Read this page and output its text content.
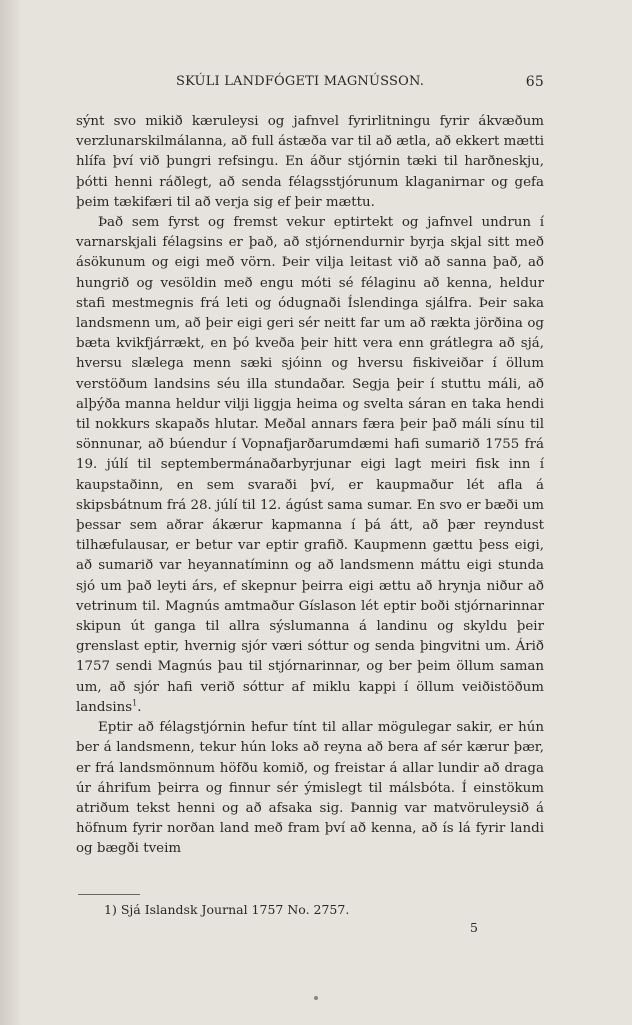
SKÚLI LANDFÓGETI MAGNÚSSON.	65

sýnt svo mikið kæruleysi og jafnvel fyrirlitningu fyrir ákvæðum verzlunarskilmálanna, að full ástæða var til að ætla, að ekkert mætti hlífa því við þungri refsingu. En áður stjórnin tæki til harðneskju, þótti henni ráðlegt, að senda félagsstjórunum klaganirnar og gefa þeim tækifæri til að verja sig ef þeir mættu.

Það sem fyrst og fremst vekur eptirtekt og jafnvel undrun í varnarskjali félagsins er það, að stjórnendurnir byrja skjal sitt með ásökunum og eigi með vörn. Þeir vilja leitast við að sanna það, að hungrið og vesöldin með engu móti sé félaginu að kenna, heldur stafi mestmegnis frá leti og ódugnaði Íslendinga sjálfra. Þeir saka landsmenn um, að þeir eigi geri sér neitt far um að rækta jörðina og bæta kvikfjárrækt, en þó kveða þeir hitt vera enn grátlegra að sjá, hversu slælega menn sæki sjóinn og hversu fiskiveiðar í öllum verstöðum landsins séu illa stundaðar. Segja þeir í stuttu máli, að alþýða manna heldur vilji liggja heima og svelta sáran en taka hendi til nokkurs skapaðs hlutar. Meðal annars færa þeir það máli sínu til sönnunar, að búendur í Vopnafjarðarumdæmi hafi sumarið 1755 frá 19. júlí til septembermánaðarbyrjunar eigi lagt meiri fisk inn í kaupstaðinn, en sem svaraði því, er kaupmaður lét afla á skipsbátnum frá 28. júlí til 12. ágúst sama sumar. En svo er bæði um þessar sem aðrar ákærur kapmanna í þá átt, að þær reyndust tilhæfulausar, er betur var eptir grafið. Kaupmenn gættu þess eigi, að sumarið var heyannatíminn og að landsmenn máttu eigi stunda sjó um það leyti árs, ef skepnur þeirra eigi ættu að hrynja niður að vetrinum til. Magnús amtmaður Gíslason lét eptir boði stjórnarinnar skipun út ganga til allra sýslumanna á landinu og skyldu þeir grenslast eptir, hvernig sjór væri sóttur og senda þingvitni um. Árið 1757 sendi Magnús þau til stjórnarinnar, og ber þeim öllum saman um, að sjór hafi verið sóttur af miklu kappi í öllum veiðistöðum landsins$^1$.

Eptir að félagstjórnin hefur tínt til allar mögulegar sakir, er hún ber á landsmenn, tekur hún loks að reyna að bera af sér kærur þær, er frá landsmönnum höfðu komið, og freistar á allar lundir að draga úr áhrifum þeirra og finnur sér ýmislegt til málsbóta. Í einstökum atriðum tekst henni og að afsaka sig. Þannig var matvöruleysið á höfnum fyrir norðan land með fram því að kenna, að ís lá fyrir landi og bægði tveim

1) Sjá Islandsk Journal 1757 No. 2757.
5
